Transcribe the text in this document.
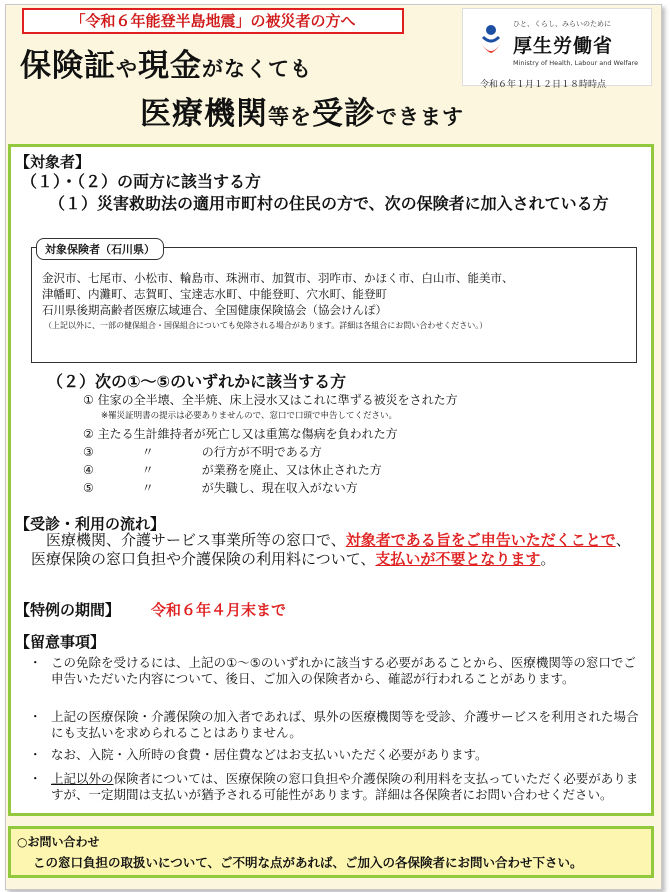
「令和６年能登半島地震」の被災者の方へ	ひと、くらし、みらいのために
厚生労働省
Ministry of Health, Labour and Welfare
保険証や現金がなくても
医療機関等を受診できます
令和６年１月１２日１８時時点
【対象者】
（１）・（２）の両方に該当する方
（１）災害救助法の適用市町村の住民の方で、次の保険者に加入されている方
対象保険者（石川県）
金沢市、七尾市、小松市、輪島市、珠洲市、加賀市、羽咋市、かほく市、白山市、能美市、
津幡町、内灘町、志賀町、宝達志水町、中能登町、穴水町、能登町
石川県後期高齢者医療広域連合、全国健康保険協会（協会けんぽ）
（上記以外に、一部の健保組合・国保組合についても免除される場合があります。詳細は各組合にお問い合わせください。）
（２）次の①～⑤のいずれかに該当する方
① 住家の全半壊、全半焼、床上浸水又はこれに準ずる被災をされた方
※罹災証明書の提示は必要ありませんので、窓口で口頭で申告してください。
② 主たる生計維持者が死亡し又は重篤な傷病を負われた方
③　　　　〃　　　　の行方が不明である方
④　　　　〃　　　　が業務を廃止、又は休止された方
⑤　　　　〃　　　　が失職し、現在収入がない方
【受診・利用の流れ】
 医療機関、介護サービス事業所等の窓口で、対象者である旨をご申告いただくことで、医療保険の窓口負担や介護保険の利用料について、支払いが不要となります。
【特例の期間】 令和６年４月末まで
【留意事項】
・ この免除を受けるには、上記の①～⑤のいずれかに該当する必要があることから、医療機関等の窓口でご申告いただいた内容について、後日、ご加入の保険者から、確認が行われることがあります。
・ 上記の医療保険・介護保険の加入者であれば、県外の医療機関等を受診、介護サービスを利用された場合にも支払いを求められることはありません。
・ なお、入院・入所時の食費・居住費などはお支払いいただく必要があります。
・ 上記以外の保険者については、医療保険の窓口負担や介護保険の利用料を支払っていただく必要がありますが、一定期間は支払いが猶予される可能性があります。詳細は各保険者にお問い合わせください。
○お問い合わせ
この窓口負担の取扱いについて、ご不明な点があれば、ご加入の各保険者にお問い合わせ下さい。
